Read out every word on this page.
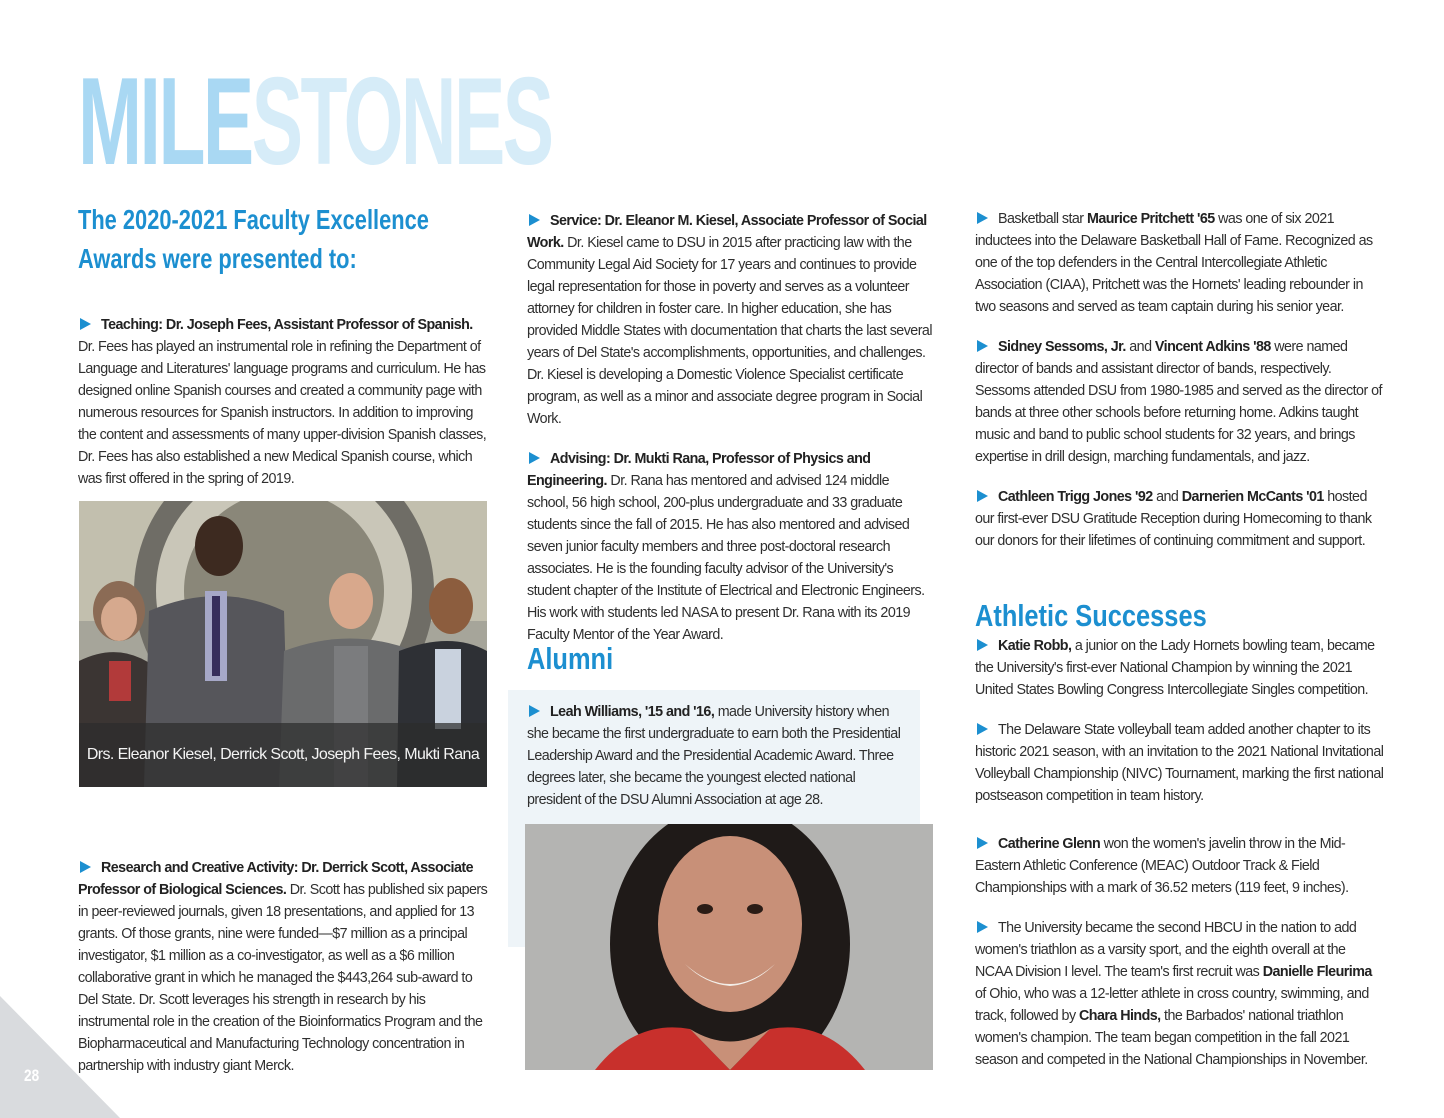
MILESTONES
The 2020-2021 Faculty Excellence Awards were presented to:

Teaching: Dr. Joseph Fees, Assistant Professor of Spanish. Dr. Fees has played an instrumental role in refining the Department of Language and Literatures' language programs and curriculum. He has designed online Spanish courses and created a community page with numerous resources for Spanish instructors. In addition to improving the content and assessments of many upper-division Spanish classes, Dr. Fees has also established a new Medical Spanish course, which was first offered in the spring of 2019.

Research and Creative Activity: Dr. Derrick Scott, Associate Professor of Biological Sciences. Dr. Scott has published six papers in peer-reviewed journals, given 18 presentations, and applied for 13 grants. Of those grants, nine were funded—$7 million as a principal investigator, $1 million as a co-investigator, as well as a $6 million collaborative grant in which he managed the $443,264 sub-award to Del State. Dr. Scott leverages his strength in research by his instrumental role in the creation of the Bioinformatics Program and the Biopharmaceutical and Manufacturing Technology concentration in partnership with industry giant Merck.

Drs. Eleanor Kiesel, Derrick Scott, Joseph Fees, Mukti Rana

Service: Dr. Eleanor M. Kiesel, Associate Professor of Social Work. Dr. Kiesel came to DSU in 2015 after practicing law with the Community Legal Aid Society for 17 years and continues to provide legal representation for those in poverty and serves as a volunteer attorney for children in foster care. In higher education, she has provided Middle States with documentation that charts the last several years of Del State's accomplishments, opportunities, and challenges. Dr. Kiesel is developing a Domestic Violence Specialist certificate program, as well as a minor and associate degree program in Social Work.

Advising: Dr. Mukti Rana, Professor of Physics and Engineering. Dr. Rana has mentored and advised 124 middle school, 56 high school, 200-plus undergraduate and 33 graduate students since the fall of 2015. He has also mentored and advised seven junior faculty members and three post-doctoral research associates. He is the founding faculty advisor of the University's student chapter of the Institute of Electrical and Electronic Engineers. His work with students led NASA to present Dr. Rana with its 2019 Faculty Mentor of the Year Award.

Alumni

Leah Williams, '15 and '16, made University history when she became the first undergraduate to earn both the Presidential Leadership Award and the Presidential Academic Award. Three degrees later, she became the youngest elected national president of the DSU Alumni Association at age 28.

Basketball star Maurice Pritchett '65 was one of six 2021 inductees into the Delaware Basketball Hall of Fame. Recognized as one of the top defenders in the Central Intercollegiate Athletic Association (CIAA), Pritchett was the Hornets' leading rebounder in two seasons and served as team captain during his senior year.

Sidney Sessoms, Jr. and Vincent Adkins '88 were named director of bands and assistant director of bands, respectively. Sessoms attended DSU from 1980-1985 and served as the director of bands at three other schools before returning home. Adkins taught music and band to public school students for 32 years, and brings expertise in drill design, marching fundamentals, and jazz.

Cathleen Trigg Jones '92 and Darnerien McCants '01 hosted our first-ever DSU Gratitude Reception during Homecoming to thank our donors for their lifetimes of continuing commitment and support.

Athletic Successes

Katie Robb, a junior on the Lady Hornets bowling team, became the University's first-ever National Champion by winning the 2021 United States Bowling Congress Intercollegiate Singles competition.

The Delaware State volleyball team added another chapter to its historic 2021 season, with an invitation to the 2021 National Invitational Volleyball Championship (NIVC) Tournament, marking the first national postseason competition in team history.

Catherine Glenn won the women's javelin throw in the Mid-Eastern Athletic Conference (MEAC) Outdoor Track & Field Championships with a mark of 36.52 meters (119 feet, 9 inches).

The University became the second HBCU in the nation to add women's triathlon as a varsity sport, and the eighth overall at the NCAA Division I level. The team's first recruit was Danielle Fleurima of Ohio, who was a 12-letter athlete in cross country, swimming, and track, followed by Chara Hinds, the Barbados' national triathlon women's champion. The team began competition in the fall 2021 season and competed in the National Championships in November.

28
